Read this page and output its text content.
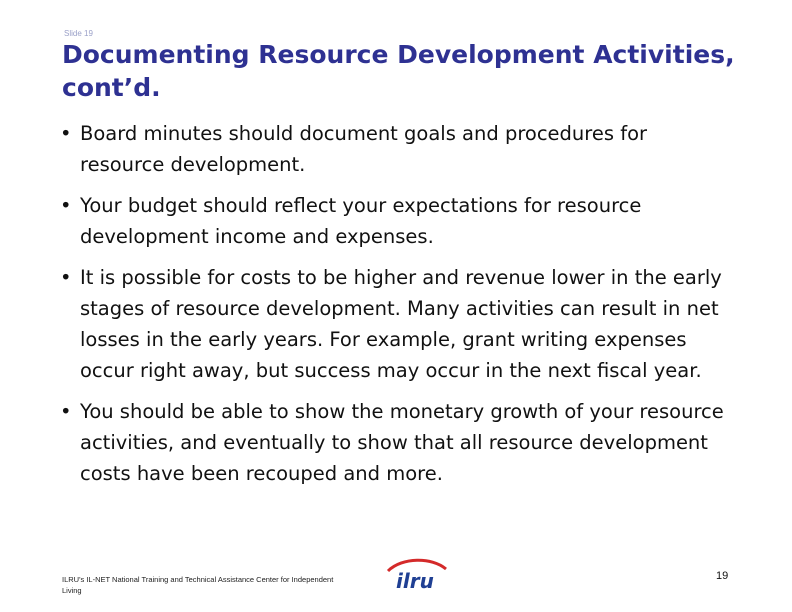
Slide 19
Documenting Resource Development Activities,
cont’d.
• Board minutes should document goals and procedures for resource development.
• Your budget should reflect your expectations for resource development income and expenses.
• It is possible for costs to be higher and revenue lower in the early stages of resource development. Many activities can result in net losses in the early years. For example, grant writing expenses occur right away, but success may occur in the next fiscal year.
• You should be able to show the monetary growth of your resource activities, and eventually to show that all resource development costs have been recouped and more.
ILRU's IL-NET National Training and Technical Assistance Center for Independent Living	ilru	19
